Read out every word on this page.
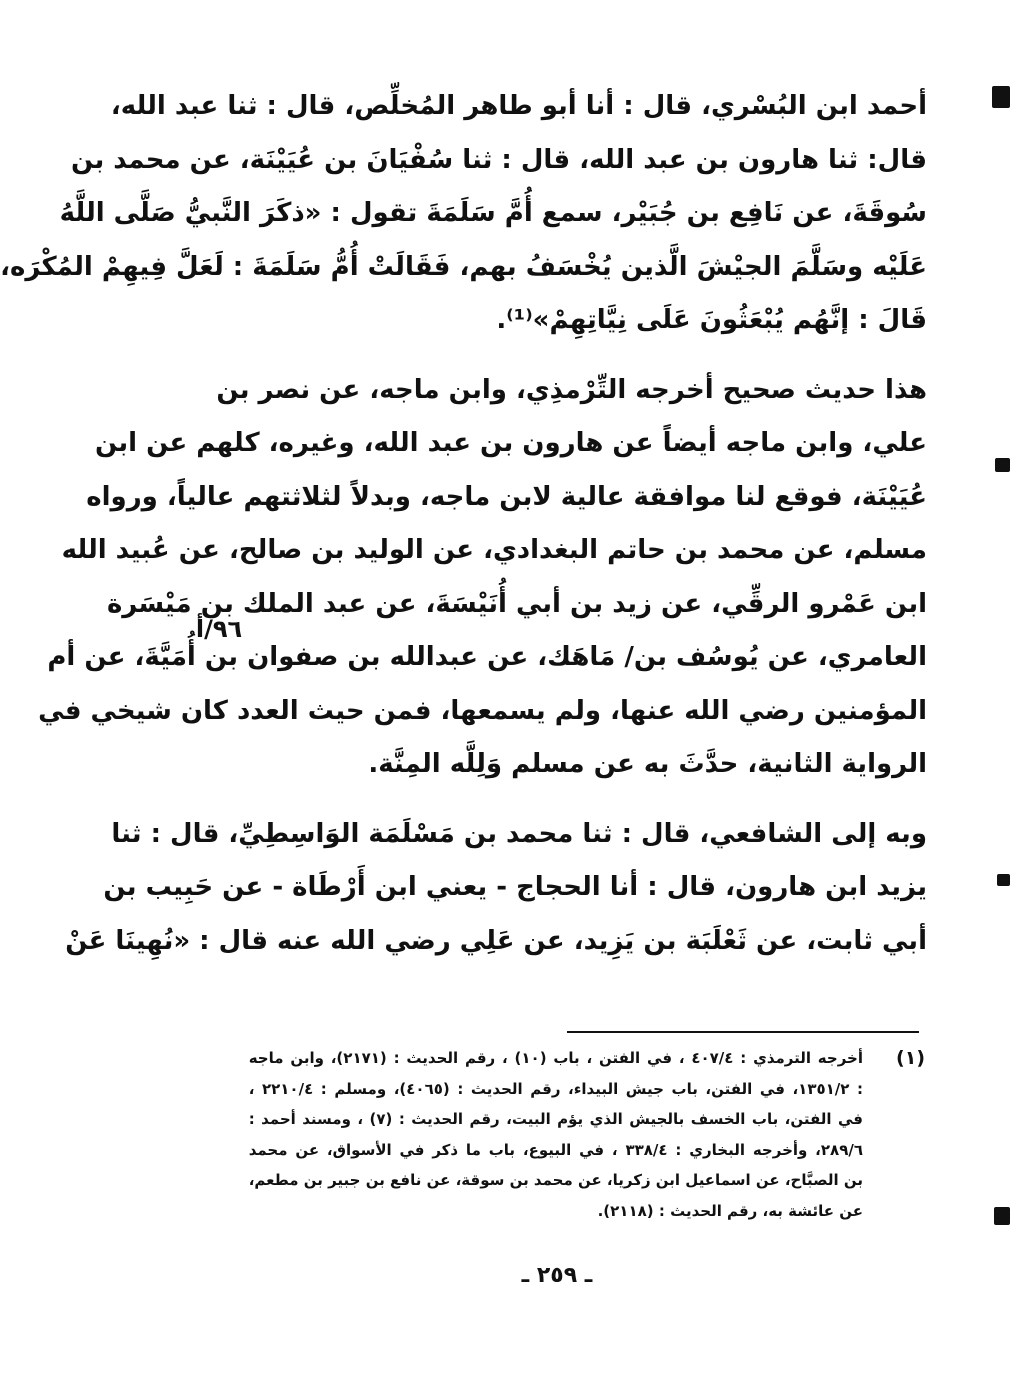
أحمد ابن البُسْري، قال : أنا أبو طاهر المُخلِّص، قال : ثنا عبد الله،
قال: ثنا هارون بن عبد الله، قال : ثنا سُفْيَانَ بن عُيَيْنَة، عن محمد بن
سُوقَةَ، عن نَافِع بن جُبَيْر، سمع أُمَّ سَلَمَةَ تقول : «ذكَرَ النَّبيُّ صَلَّى اللَّهُ
عَلَيْه وسَلَّمَ الجيْشَ الَّذين يُخْسَفُ بهم، فَقَالَتْ أُمُّ سَلَمَةَ : لَعَلَّ فِيهِمْ المُكْرَه،
قَالَ : إنَّهُم يُبْعَثُونَ عَلَى نِيَّاتِهِمْ»⁽¹⁾.
هذا حديث صحيح أخرجه التِّرْمذِي، وابن ماجه، عن نصر بن
علي، وابن ماجه أيضاً عن هارون بن عبد الله، وغيره، كلهم عن ابن
عُيَيْنَة، فوقع لنا موافقة عالية لابن ماجه، وبدلاً لثلاثتهم عالياً، ورواه
مسلم، عن محمد بن حاتم البغدادي، عن الوليد بن صالح، عن عُبيد الله
ابن عَمْرو الرقِّي، عن زيد بن أبي أُنَيْسَةَ، عن عبد الملك بن مَيْسَرة
العامري، عن يُوسُف بن/ مَاهَك، عن عبدالله بن صفوان بن أُمَيَّةَ، عن أم
المؤمنين رضي الله عنها، ولم يسمعها، فمن حيث العدد كان شيخي في
الرواية الثانية، حدَّثَ به عن مسلم وَلِلَّه المِنَّة.
وبه إلى الشافعي، قال : ثنا محمد بن مَسْلَمَة الوَاسِطِيِّ، قال : ثنا
يزيد ابن هارون، قال : أنا الحجاج - يعني ابن أَرْطَاة - عن حَبِيب بن
أبي ثابت، عن ثَعْلَبَة بن يَزِيد، عن عَلِي رضي الله عنه قال : «نُهِينَا عَنْ
٩٦/أ
(١)
أخرجه الترمذي : ٤٠٧/٤ ، في الفتن ، باب (١٠) ، رقم الحديث : (٢١٧١)، وابن ماجه
: ١٣٥١/٢، في الفتن، باب جيش البيداء، رقم الحديث : (٤٠٦٥)، ومسلم : ٢٢١٠/٤ ،
في الفتن، باب الخسف بالجيش الذي يؤم البيت، رقم الحديث : (٧) ، ومسند أحمد :
٢٨٩/٦، وأخرجه البخاري : ٣٣٨/٤ ، في البيوع، باب ما ذكر في الأسواق، عن محمد
بن الصبَّاح، عن اسماعيل ابن زكريا، عن محمد بن سوقة، عن نافع بن جبير بن مطعم،
عن عائشة به، رقم الحديث : (٢١١٨).
ـ ٢٥٩ ـ
